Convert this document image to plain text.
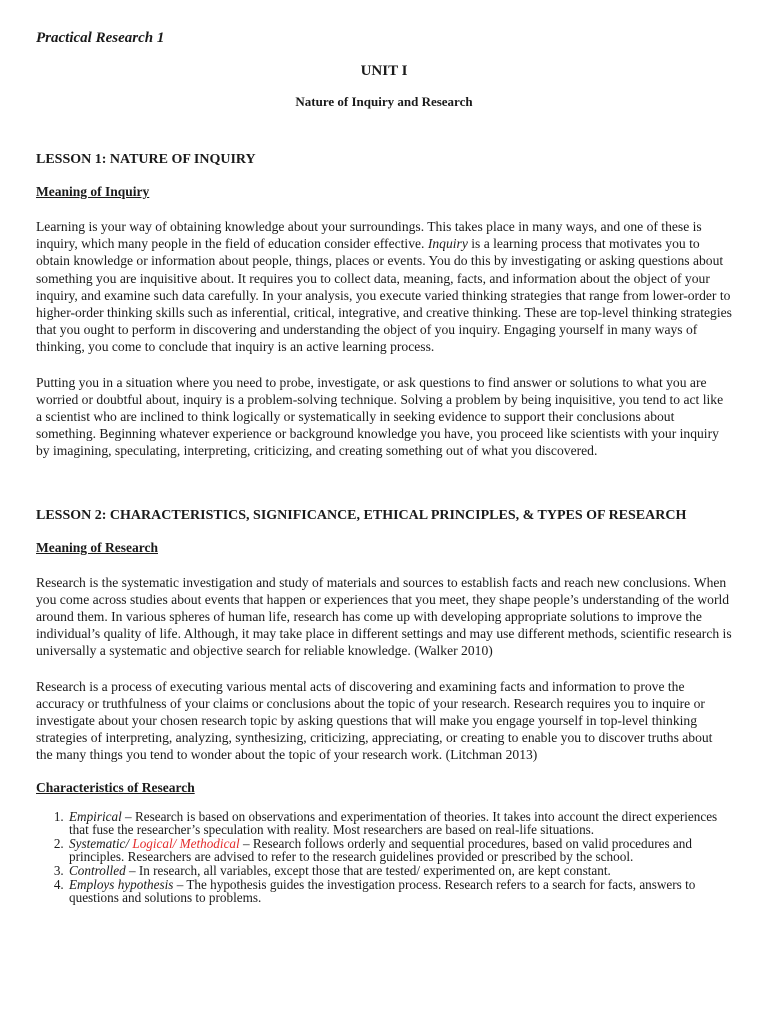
Practical Research 1

UNIT I
Nature of Inquiry and Research

LESSON 1: NATURE OF INQUIRY

Meaning of Inquiry

Learning is your way of obtaining knowledge about your surroundings. This takes place in many ways, and one of these is inquiry, which many people in the field of education consider effective. Inquiry is a learning process that motivates you to obtain knowledge or information about people, things, places or events. You do this by investigating or asking questions about something you are inquisitive about. It requires you to collect data, meaning, facts, and information about the object of your inquiry, and examine such data carefully. In your analysis, you execute varied thinking strategies that range from lower-order to higher-order thinking skills such as inferential, critical, integrative, and creative thinking. These are top-level thinking strategies that you ought to perform in discovering and understanding the object of you inquiry. Engaging yourself in many ways of thinking, you come to conclude that inquiry is an active learning process.

Putting you in a situation where you need to probe, investigate, or ask questions to find answer or solutions to what you are worried or doubtful about, inquiry is a problem-solving technique. Solving a problem by being inquisitive, you tend to act like a scientist who are inclined to think logically or systematically in seeking evidence to support their conclusions about something. Beginning whatever experience or background knowledge you have, you proceed like scientists with your inquiry by imagining, speculating, interpreting, criticizing, and creating something out of what you discovered.

LESSON 2: CHARACTERISTICS, SIGNIFICANCE, ETHICAL PRINCIPLES, & TYPES OF RESEARCH

Meaning of Research

Research is the systematic investigation and study of materials and sources to establish facts and reach new conclusions. When you come across studies about events that happen or experiences that you meet, they shape people’s understanding of the world around them. In various spheres of human life, research has come up with developing appropriate solutions to improve the individual’s quality of life. Although, it may take place in different settings and may use different methods, scientific research is universally a systematic and objective search for reliable knowledge. (Walker 2010)

Research is a process of executing various mental acts of discovering and examining facts and information to prove the accuracy or truthfulness of your claims or conclusions about the topic of your research. Research requires you to inquire or investigate about your chosen research topic by asking questions that will make you engage yourself in top-level thinking strategies of interpreting, analyzing, synthesizing, criticizing, appreciating, or creating to enable you to discover truths about the many things you tend to wonder about the topic of your research work. (Litchman 2013)

Characteristics of Research

1. Empirical – Research is based on observations and experimentation of theories. It takes into account the direct experiences that fuse the researcher’s speculation with reality. Most researchers are based on real-life situations.
2. Systematic/ Logical/ Methodical – Research follows orderly and sequential procedures, based on valid procedures and principles. Researchers are advised to refer to the research guidelines provided or prescribed by the school.
3. Controlled – In research, all variables, except those that are tested/ experimented on, are kept constant.
4. Employs hypothesis – The hypothesis guides the investigation process. Research refers to a search for facts, answers to questions and solutions to problems.
